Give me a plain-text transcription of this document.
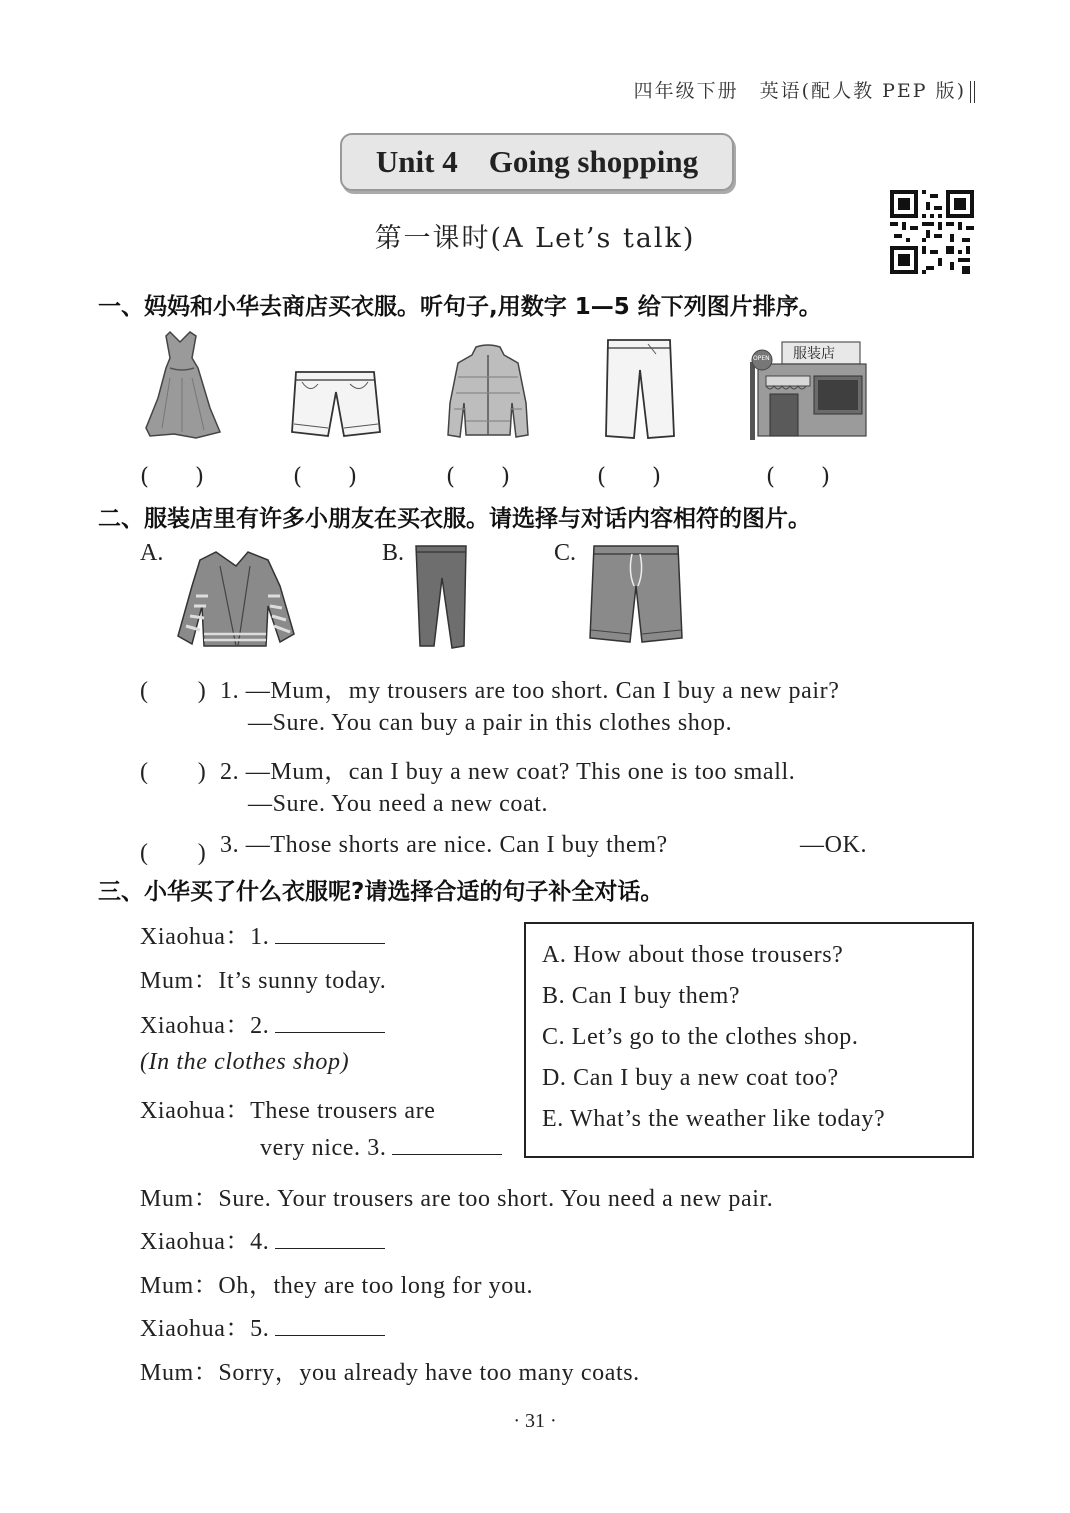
四年级下册　英语(配人教 PEP 版)
Unit 4　Going shopping
第一课时(A Let’s talk)
一、妈妈和小华去商店买衣服。听句子,用数字 1—5 给下列图片排序。
服装店
OPEN
(　　)	(　　)	(　　)	(　　)	(　　)
二、服装店里有许多小朋友在买衣服。请选择与对话内容相符的图片。
A.	B.	C.
(　　) 1. —Mum，my trousers are too short. Can I buy a new pair?
—Sure. You can buy a pair in this clothes shop.
(　　) 2. —Mum，can I buy a new coat? This one is too small.
—Sure. You need a new coat.
(　　) 3. —Those shorts are nice. Can I buy them?	—OK.
三、小华买了什么衣服呢?请选择合适的句子补全对话。
Xiaohua：1.
Mum：It’s sunny today.
Xiaohua：2.
(In the clothes shop)
Xiaohua：These trousers are
very nice. 3.
Mum：Sure. Your trousers are too short. You need a new pair.
Xiaohua：4.
Mum：Oh，they are too long for you.
Xiaohua：5.
Mum：Sorry，you already have too many coats.
A. How about those trousers?
B. Can I buy them?
C. Let’s go to the clothes shop.
D. Can I buy a new coat too?
E. What’s the weather like today?
· 31 ·
